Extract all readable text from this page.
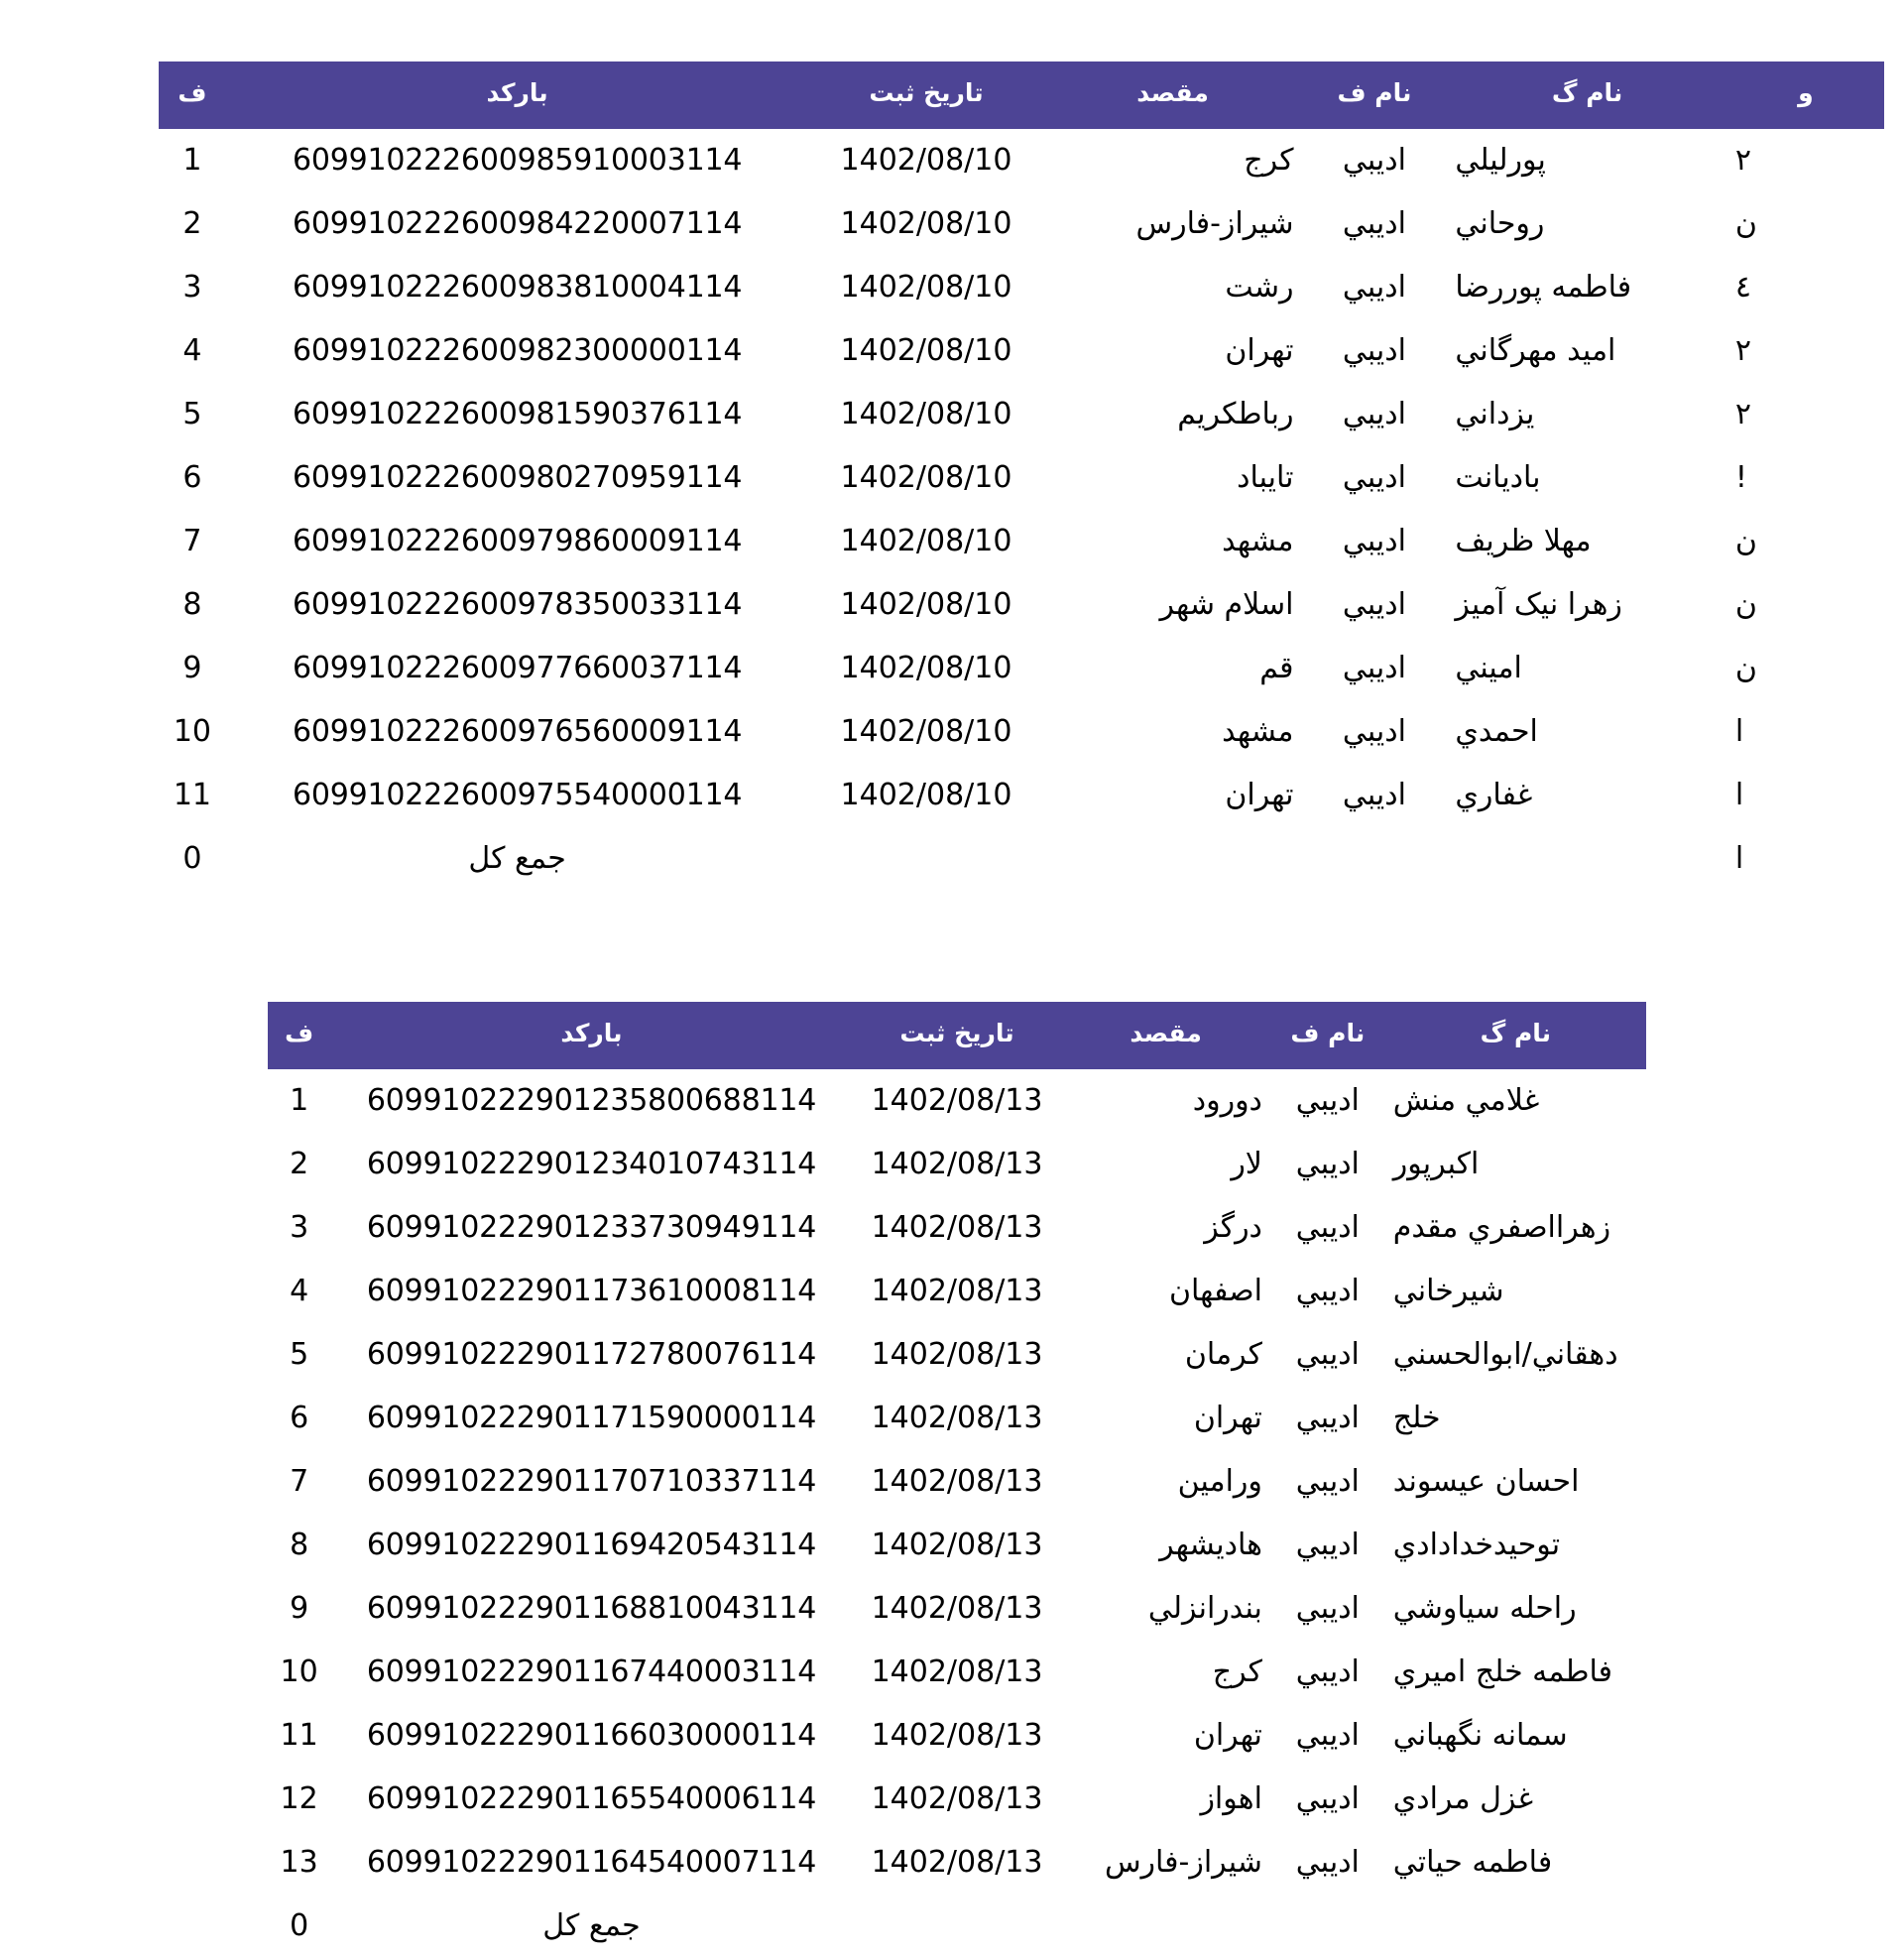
و	نام گ	نام ف	مقصد	تاریخ ثبت	بارکد	ف
٢	پورلیلي	ادیبي	کرج	1402/08/10	609910222600985910003114	1
ن	روحاني	ادیبي	شیراز-فارس	1402/08/10	609910222600984220007114	2
٤	فاطمه پوررضا	ادیبي	رشت	1402/08/10	609910222600983810004114	3
٢	امید مهرگاني	ادیبي	تهران	1402/08/10	609910222600982300000114	4
٢	یزداني	ادیبي	رباطکریم	1402/08/10	609910222600981590376114	5
!	بادیانت	ادیبي	تایباد	1402/08/10	609910222600980270959114	6
ن	مهلا ظریف	ادیبي	مشهد	1402/08/10	609910222600979860009114	7
ن	زهرا نیک آمیز	ادیبي	اسلام شهر	1402/08/10	609910222600978350033114	8
ن	امیني	ادیبي	قم	1402/08/10	609910222600977660037114	9
ا	احمدي	ادیبي	مشهد	1402/08/10	609910222600976560009114	10
ا	غفاري	ادیبي	تهران	1402/08/10	609910222600975540000114	11
ا					جمع کل	0
نام گ	نام ف	مقصد	تاریخ ثبت	بارکد	ف
غلامي منش	ادیبي	دورود	1402/08/13	609910222901235800688114	1
اکبرپور	ادیبي	لار	1402/08/13	609910222901234010743114	2
زهرااصفري مقدم	ادیبي	درگز	1402/08/13	609910222901233730949114	3
شیرخاني	ادیبي	اصفهان	1402/08/13	609910222901173610008114	4
دهقاني/ابوالحسني	ادیبي	کرمان	1402/08/13	609910222901172780076114	5
خلج	ادیبي	تهران	1402/08/13	609910222901171590000114	6
احسان عیسوند	ادیبي	ورامین	1402/08/13	609910222901170710337114	7
توحیدخدادادي	ادیبي	هادیشهر	1402/08/13	609910222901169420543114	8
راحله سیاوشي	ادیبي	بندرانزلي	1402/08/13	609910222901168810043114	9
فاطمه خلج امیري	ادیبي	کرج	1402/08/13	609910222901167440003114	10
سمانه نگهباني	ادیبي	تهران	1402/08/13	609910222901166030000114	11
غزل مرادي	ادیبي	اهواز	1402/08/13	609910222901165540006114	12
فاطمه حیاتي	ادیبي	شیراز-فارس	1402/08/13	609910222901164540007114	13
				جمع کل	0
